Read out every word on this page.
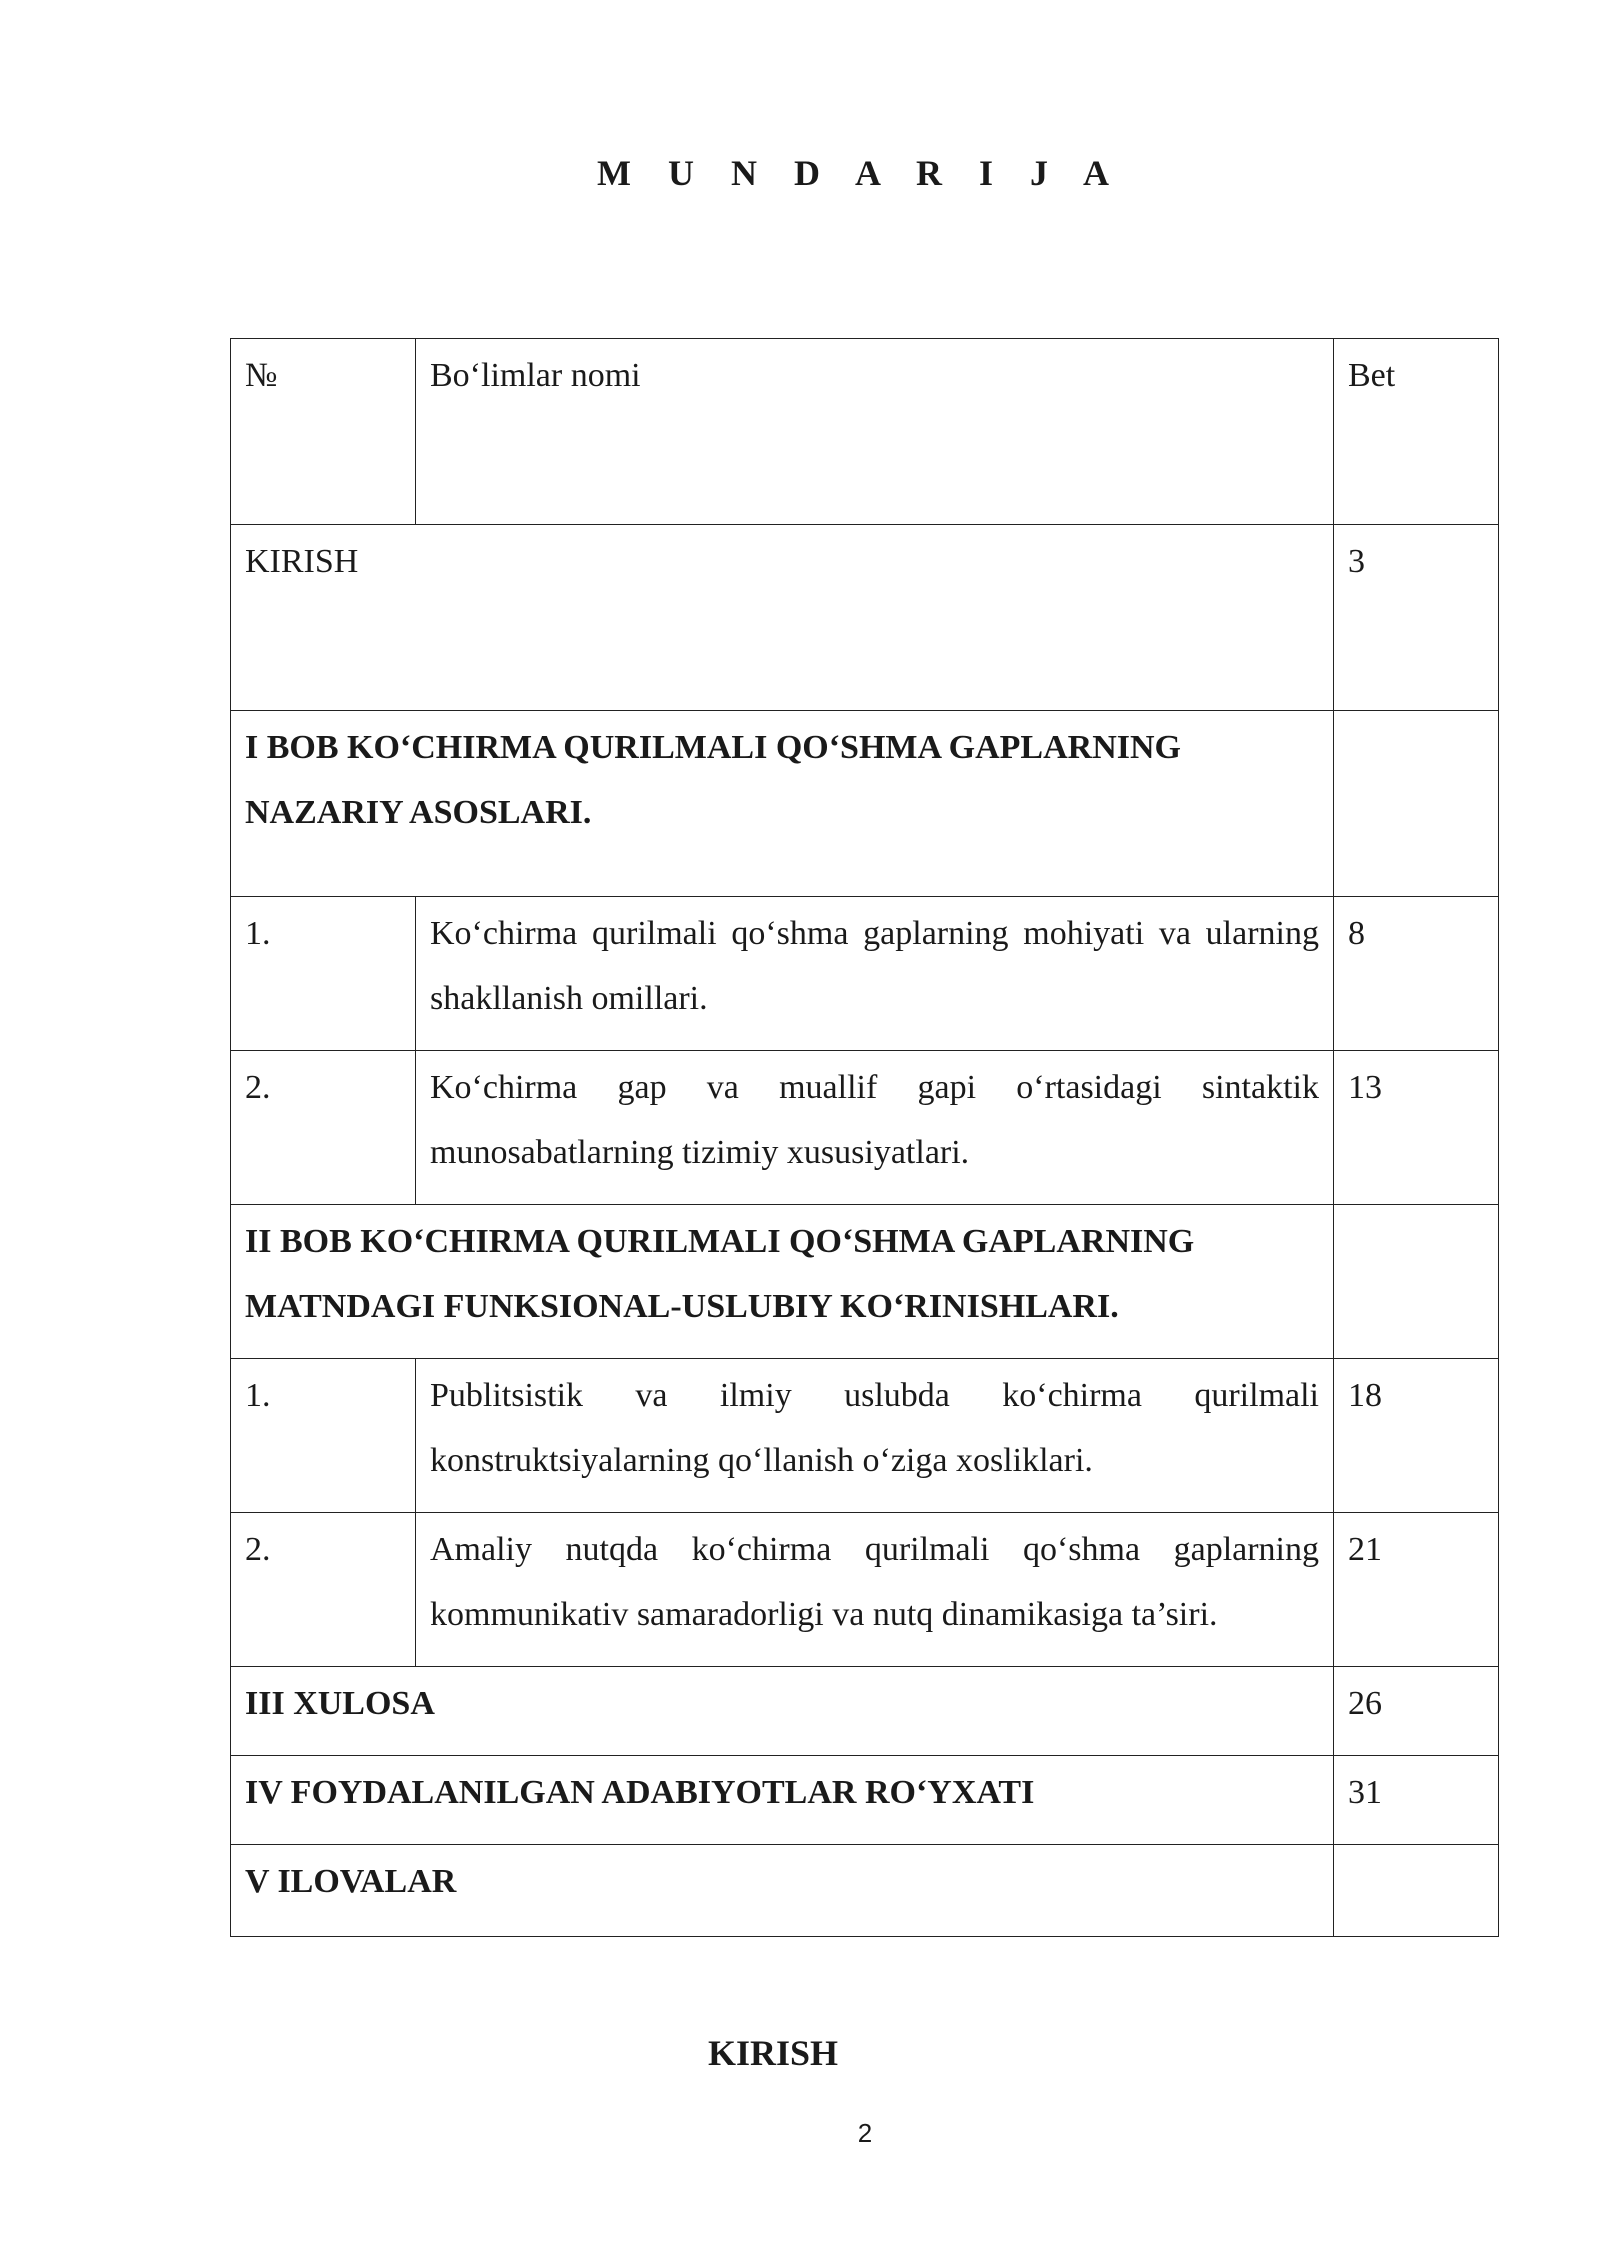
M U N D A R I J A
№	Bo‘limlar nomi	Bet
KIRISH		3
I BOB KO‘CHIRMA QURILMALI QO‘SHMA GAPLARNING NAZARIY ASOSLARI.		
1.	Ko‘chirma qurilmali qo‘shma gaplarning mohiyati va ularning shakllanish omillari.	8
2.	Ko‘chirma gap va muallif gapi o‘rtasidagi sintaktik munosabatlarning tizimiy xususiyatlari.	13
II BOB KO‘CHIRMA QURILMALI QO‘SHMA GAPLARNING MATNDAGI FUNKSIONAL-USLUBIY KO‘RINISHLARI.		
1.	Publitsistik va ilmiy uslubda ko‘chirma qurilmali konstruktsiyalarning qo‘llanish o‘ziga xosliklari.	18
2.	Amaliy nutqda ko‘chirma qurilmali qo‘shma gaplarning kommunikativ samaradorligi va nutq dinamikasiga ta’siri.	21
III XULOSA		26
IV FOYDALANILGAN ADABIYOTLAR RO‘YXATI		31
V ILOVALAR		
KIRISH
2
